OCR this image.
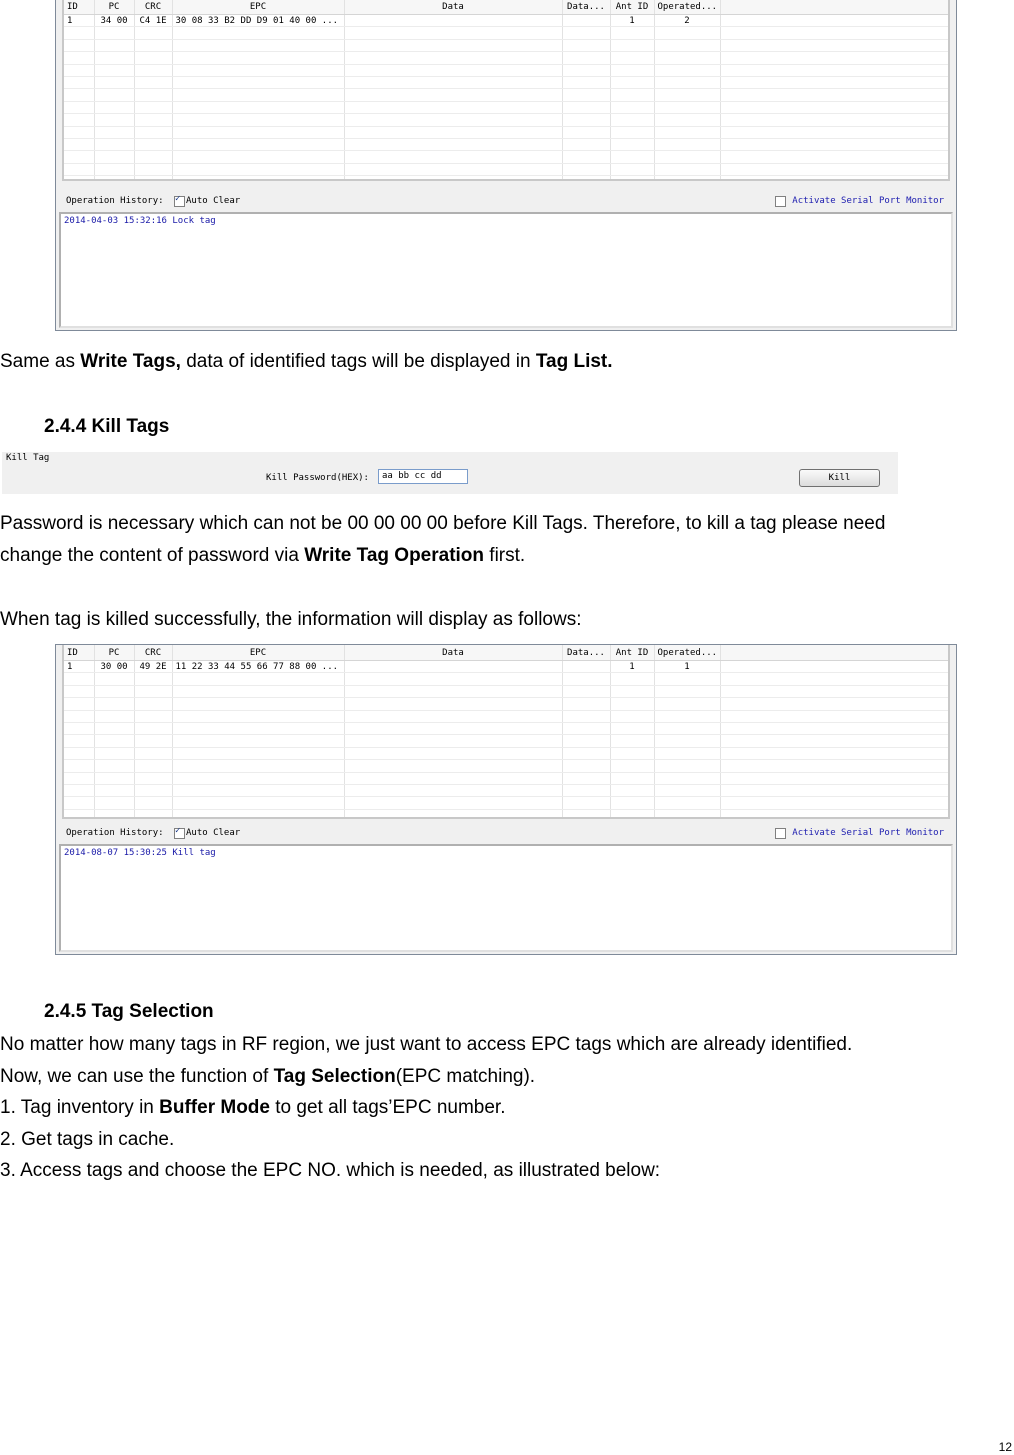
ID	PC	CRC	EPC	Data	Data...	Ant ID	Operated...	
1	34 00	C4 1E	30 08 33 B2 DD D9 01 40 00 ...			1	2	

Operation History: ✓ Auto Clear	Activate Serial Port Monitor
2014-04-03 15:32:16 Lock tag
Same as Write Tags, data of identified tags will be displayed in Tag List.
2.4.4 Kill Tags
Kill Tag
Kill Password(HEX):	aa bb cc dd	Kill
Password is necessary which can not be 00 00 00 00 before Kill Tags. Therefore, to kill a tag please need
change the content of password via Write Tag Operation first.
When tag is killed successfully, the information will display as follows:
ID	PC	CRC	EPC	Data	Data...	Ant ID	Operated...	
1	30 00	49 2E	11 22 33 44 55 66 77 88 00 ...			1	1	

Operation History: ✓ Auto Clear	Activate Serial Port Monitor
2014-08-07 15:30:25 Kill tag
2.4.5 Tag Selection
No matter how many tags in RF region, we just want to access EPC tags which are already identified.
Now, we can use the function of Tag Selection(EPC matching).
1. Tag inventory in Buffer Mode to get all tags’EPC number.
2. Get tags in cache.
3. Access tags and choose the EPC NO. which is needed, as illustrated below:
12
